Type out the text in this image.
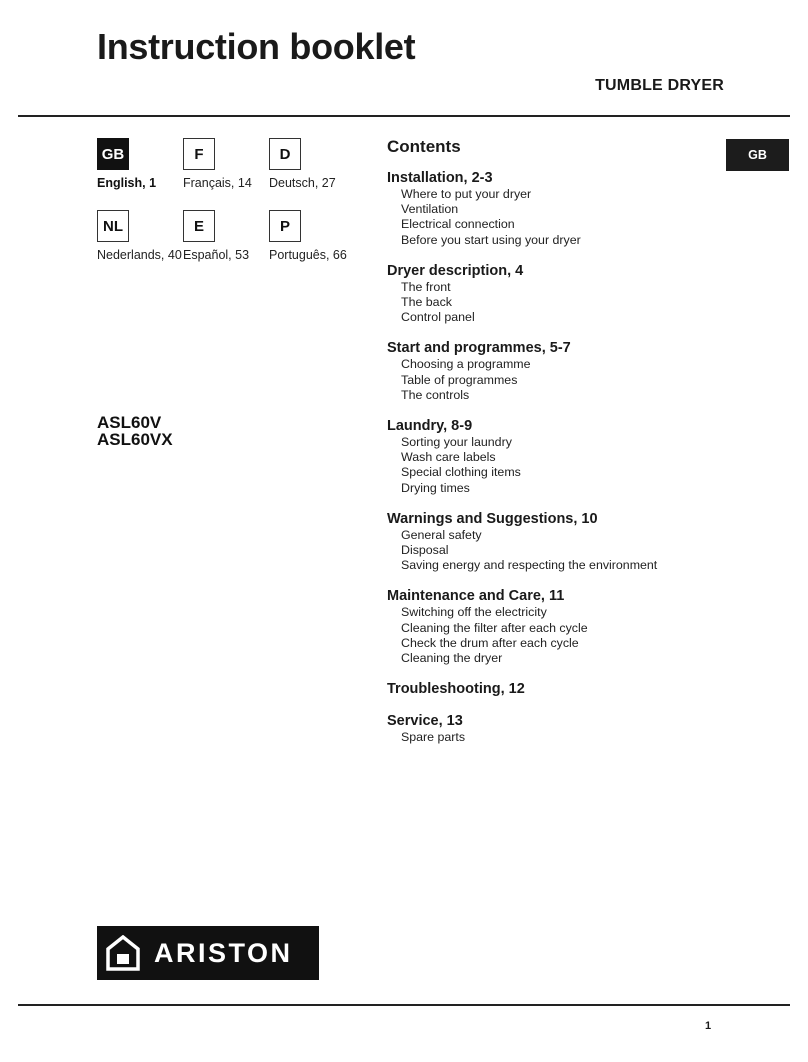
Instruction booklet
TUMBLE DRYER
GB
English, 1
F
Français, 14
D
Deutsch, 27
NL
Nederlands, 40
E
Español, 53
P
Português, 66
ASL60V
ASL60VX
Contents
Installation, 2-3
Where to put your dryer
Ventilation
Electrical connection
Before you start using your dryer
Dryer description, 4
The front
The back
Control panel
Start and programmes, 5-7
Choosing a programme
Table of programmes
The controls
Laundry, 8-9
Sorting your laundry
Wash care labels
Special clothing items
Drying times
Warnings and Suggestions, 10
General safety
Disposal
Saving energy and respecting the environment
Maintenance and Care, 11
Switching off the electricity
Cleaning the filter after each cycle
Check the drum after each cycle
Cleaning the dryer
Troubleshooting, 12
Service, 13
Spare parts
GB
ARISTON
1
